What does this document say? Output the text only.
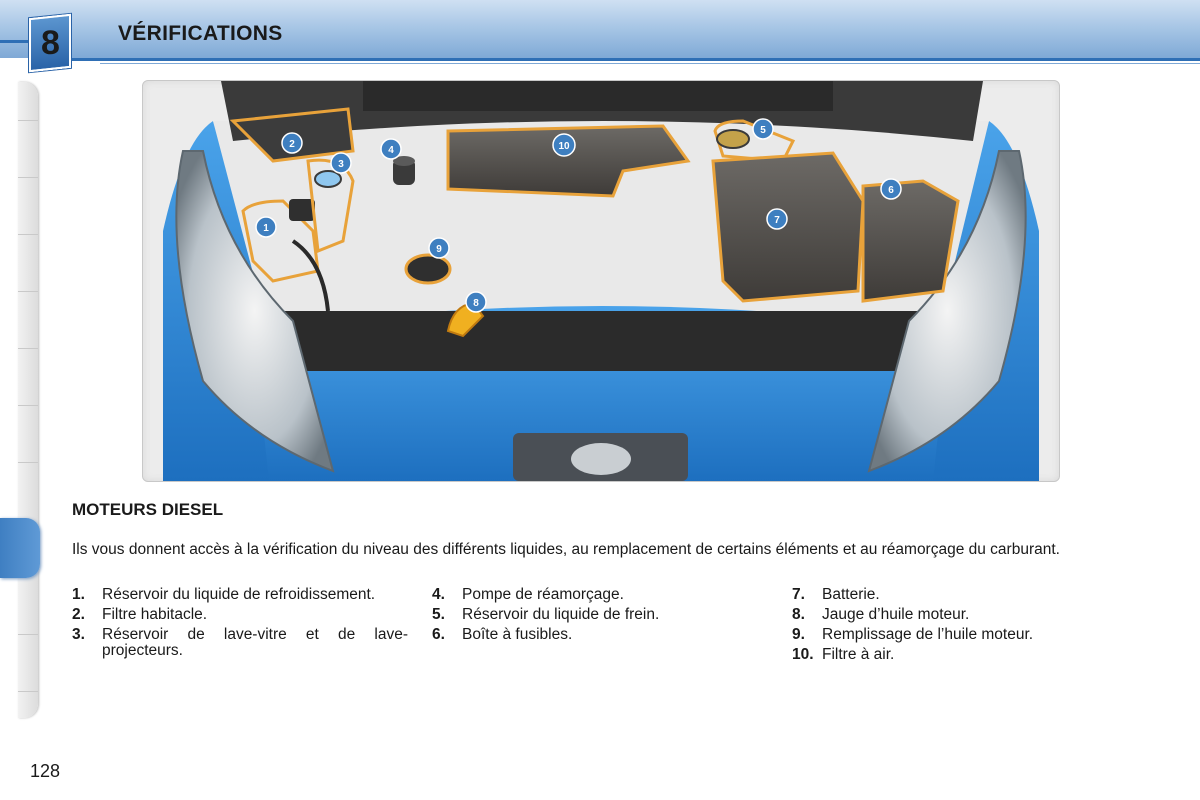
8	VÉRIFICATIONS
1
2
3
4
5
6
7
8
9
10
MOTEURS DIESEL
Ils vous donnent accès à la vérification du niveau des différents liquides, au remplacement de certains éléments et au réamorçage du carburant.
1.	Réservoir du liquide de refroidissement.
2.	Filtre habitacle.
3.	Réservoir de lave-vitre et de lave-projecteurs.
4.	Pompe de réamorçage.
5.	Réservoir du liquide de frein.
6.	Boîte à fusibles.
7.	Batterie.
8.	Jauge d’huile moteur.
9.	Remplissage de l’huile moteur.
10. Filtre à air.
128
